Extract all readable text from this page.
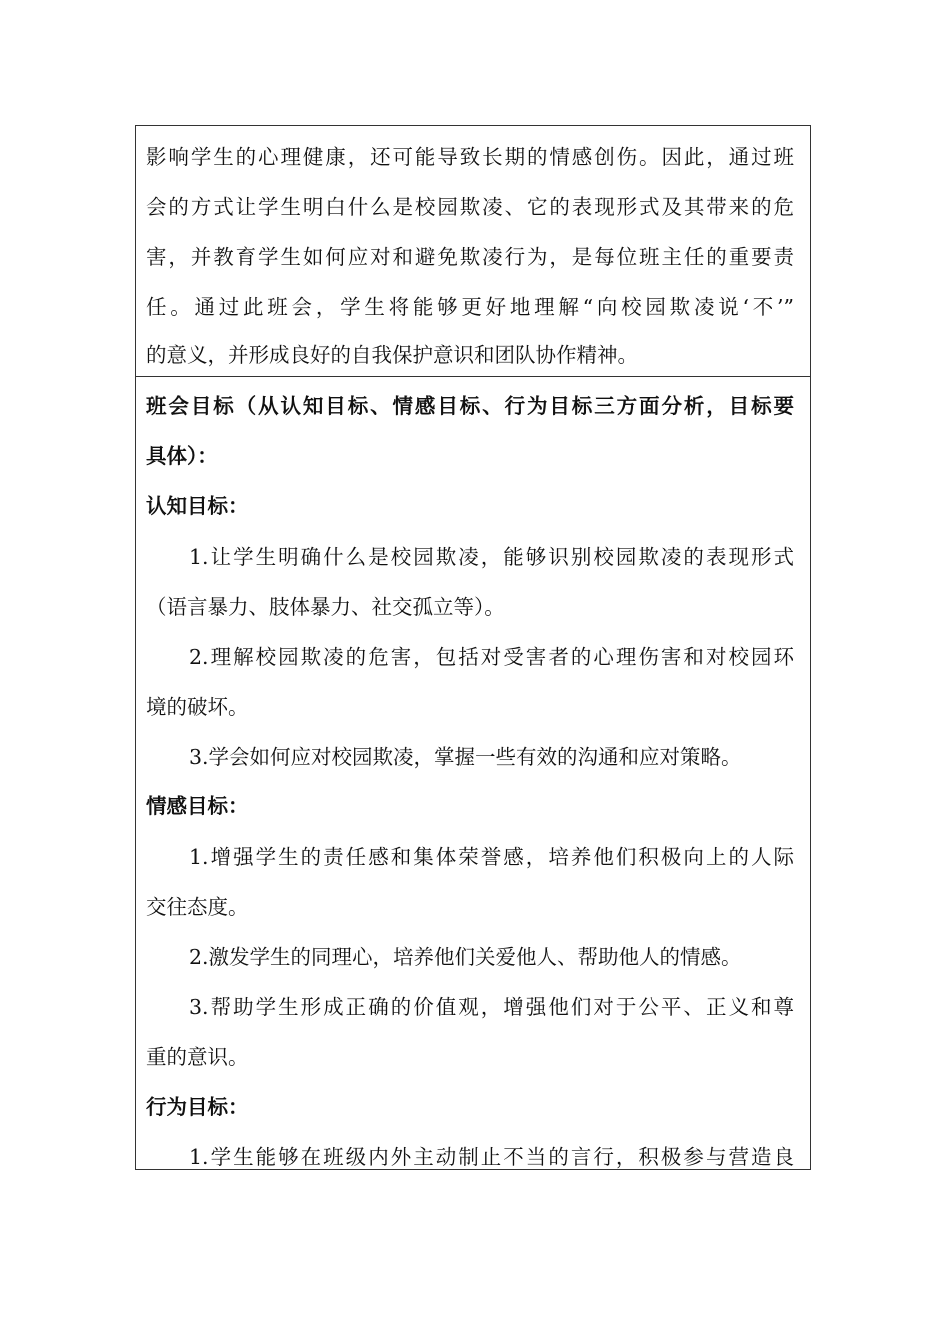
影响学生的心理健康，还可能导致长期的情感创伤。因此，通过班
会的方式让学生明白什么是校园欺凌、它的表现形式及其带来的危
害，并教育学生如何应对和避免欺凌行为，是每位班主任的重要责
任。通过此班会，学生将能够更好地理解“向校园欺凌说‘不’”
的意义，并形成良好的自我保护意识和团队协作精神。
班会目标（从认知目标、情感目标、行为目标三方面分析，目标要
具体）：
认知目标：
1.让学生明确什么是校园欺凌，能够识别校园欺凌的表现形式
（语言暴力、肢体暴力、社交孤立等）。
2.理解校园欺凌的危害，包括对受害者的心理伤害和对校园环
境的破坏。
3.学会如何应对校园欺凌，掌握一些有效的沟通和应对策略。
情感目标：
1.增强学生的责任感和集体荣誉感，培养他们积极向上的人际
交往态度。
2.激发学生的同理心，培养他们关爱他人、帮助他人的情感。
3.帮助学生形成正确的价值观，增强他们对于公平、正义和尊
重的意识。
行为目标：
1.学生能够在班级内外主动制止不当的言行，积极参与营造良
